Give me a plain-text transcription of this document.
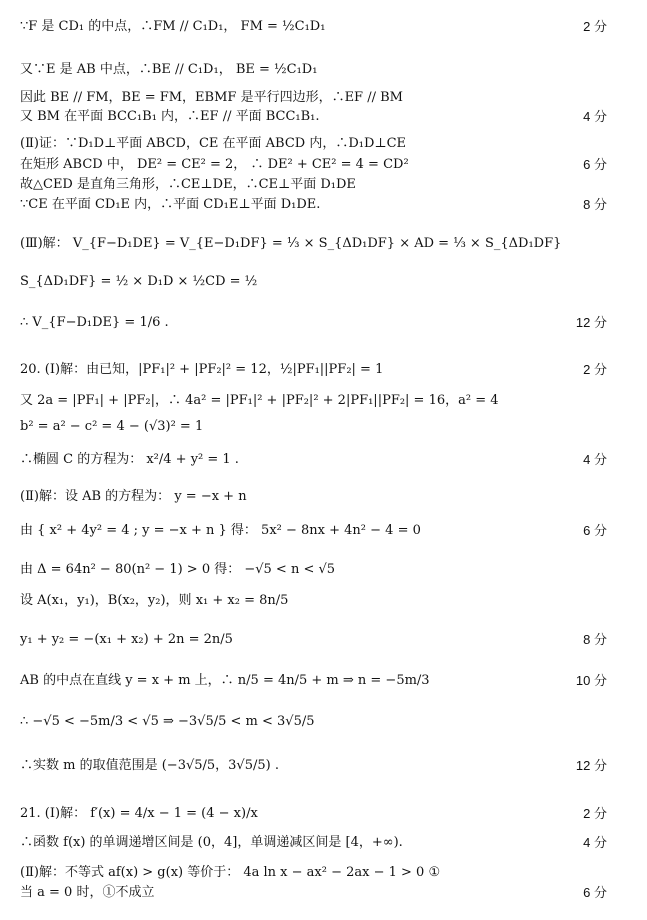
∵F 是 CD₁ 的中点，∴FM // C₁D₁， FM = ½C₁D₁	2 分
又∵E 是 AB 中点，∴BE // C₁D₁， BE = ½C₁D₁
因此 BE // FM，BE = FM，EBMF 是平行四边形，∴EF // BM
又 BM 在平面 BCC₁B₁ 内，∴EF // 平面 BCC₁B₁.	4 分
(Ⅱ)证：∵D₁D⊥平面 ABCD，CE 在平面 ABCD 内，∴D₁D⊥CE
在矩形 ABCD 中， DE² = CE² = 2， ∴ DE² + CE² = 4 = CD²	6 分
故△CED 是直角三角形，∴CE⊥DE，∴CE⊥平面 D₁DE
∵CE 在平面 CD₁E 内，∴平面 CD₁E⊥平面 D₁DE.	8 分
(Ⅲ)解： V_{F−D₁DE} = V_{E−D₁DF} = ⅓ × S_{ΔD₁DF} × AD = ⅓ × S_{ΔD₁DF}
S_{ΔD₁DF} = ½ × D₁D × ½CD = ½
∴ V_{F−D₁DE} = 1/6 .	12 分
20. (Ⅰ)解：由已知，|PF₁|² + |PF₂|² = 12，½|PF₁||PF₂| = 1	2 分
又 2a = |PF₁| + |PF₂|，∴ 4a² = |PF₁|² + |PF₂|² + 2|PF₁||PF₂| = 16，a² = 4
b² = a² − c² = 4 − (√3)² = 1
∴椭圆 C 的方程为： x²/4 + y² = 1 .	4 分
(Ⅱ)解：设 AB 的方程为： y = −x + n
由 { x² + 4y² = 4 ; y = −x + n } 得： 5x² − 8nx + 4n² − 4 = 0	6 分
由 Δ = 64n² − 80(n² − 1) > 0 得： −√5 < n < √5
设 A(x₁，y₁)，B(x₂，y₂)，则 x₁ + x₂ = 8n/5
y₁ + y₂ = −(x₁ + x₂) + 2n = 2n/5	8 分
AB 的中点在直线 y = x + m 上，∴ n/5 = 4n/5 + m ⇒ n = −5m/3	10 分
∴ −√5 < −5m/3 < √5 ⇒ −3√5/5 < m < 3√5/5
∴实数 m 的取值范围是 (−3√5/5，3√5/5) .	12 分
21. (Ⅰ)解： f′(x) = 4/x − 1 = (4 − x)/x	2 分
∴函数 f(x) 的单调递增区间是 (0，4]，单调递减区间是 [4，+∞).	4 分
(Ⅱ)解：不等式 af(x) > g(x) 等价于： 4a ln x − ax² − 2ax − 1 > 0 ①
当 a = 0 时，①不成立	6 分
